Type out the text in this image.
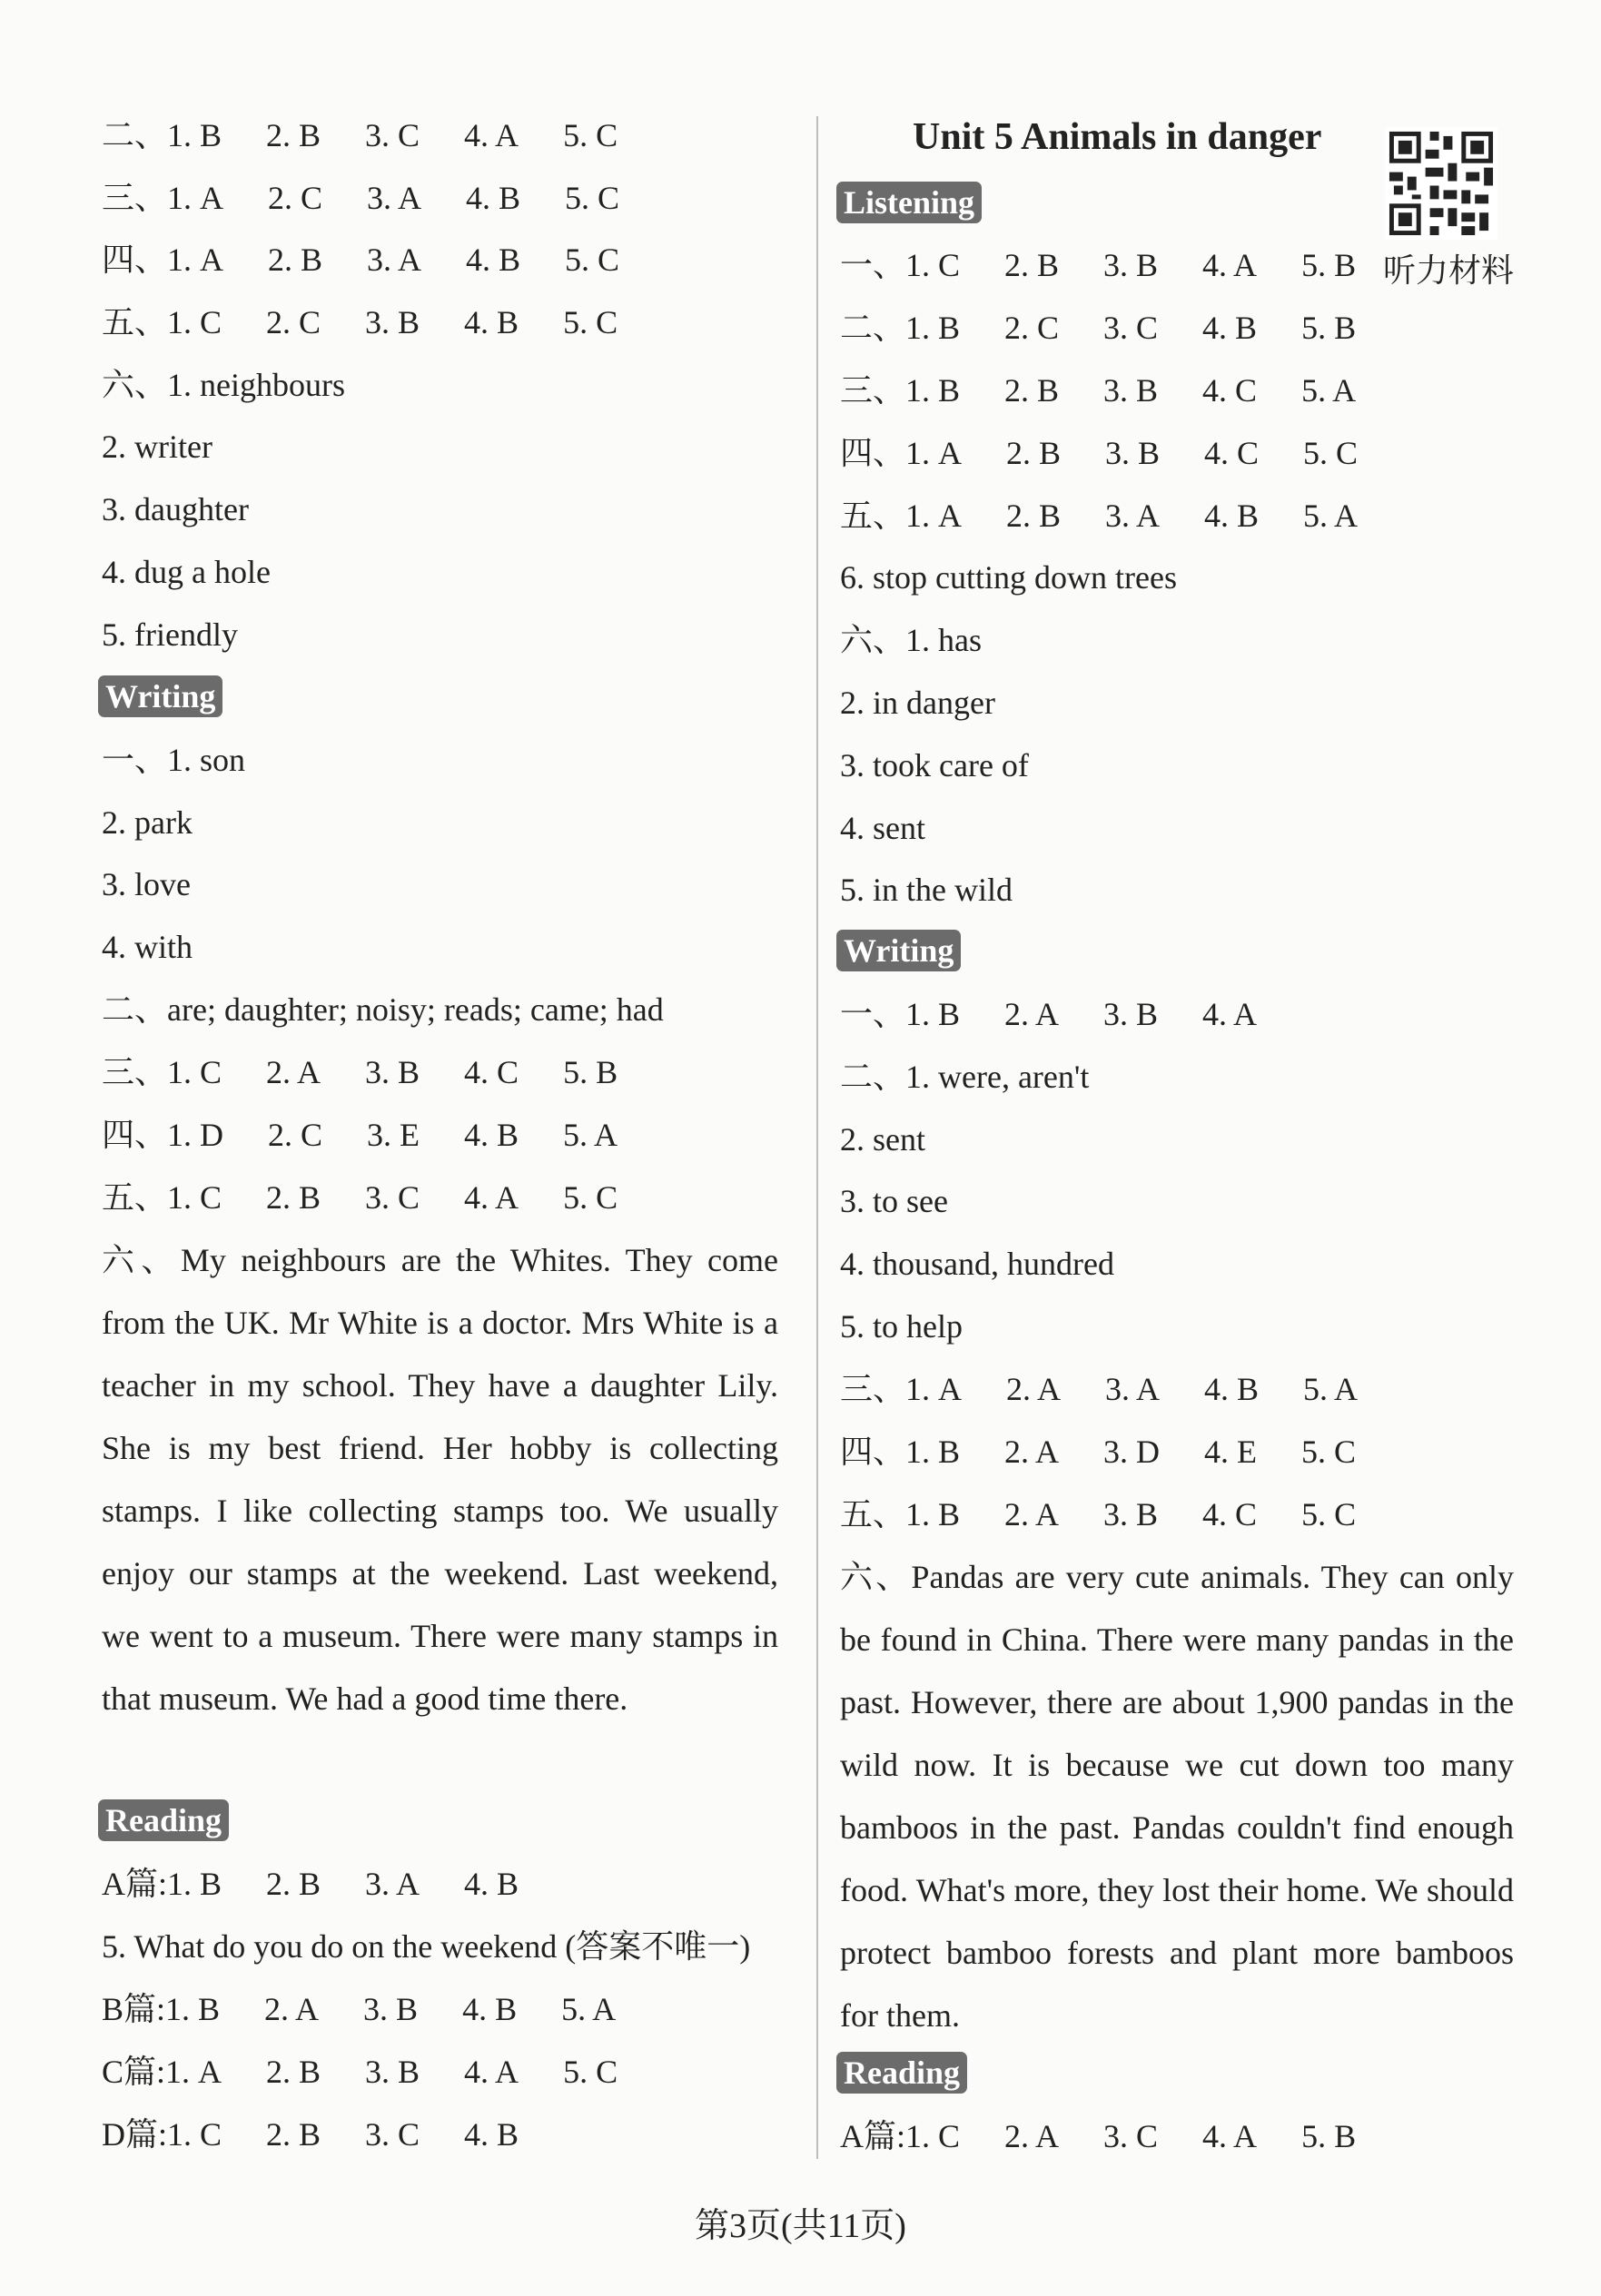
二、1. B 2. B 3. C 4. A 5. C
三、1. A 2. C 3. A 4. B 5. C
四、1. A 2. B 3. A 4. B 5. C
五、1. C 2. C 3. B 4. B 5. C
六、1. neighbours
2. writer
3. daughter
4. dug a hole
5. friendly
Writing
一、1. son
2. park
3. love
4. with
二、are; daughter; noisy; reads; came; had
三、1. C 2. A 3. B 4. C 5. B
四、1. D 2. C 3. E 4. B 5. A
五、1. C 2. B 3. C 4. A 5. C
六、My neighbours are the Whites. They come from the UK. Mr White is a doctor. Mrs White is a teacher in my school. They have a daughter Lily. She is my best friend. Her hobby is collecting stamps. I like collecting stamps too. We usually enjoy our stamps at the weekend. Last weekend, we went to a museum. There were many stamps in that museum. We had a good time there.
Reading
A篇:1. B 2. B 3. A 4. B
5. What do you do on the weekend (答案不唯一)
B篇:1. B 2. A 3. B 4. B 5. A
C篇:1. A 2. B 3. B 4. A 5. C
D篇:1. C 2. B 3. C 4. B
Unit 5 Animals in danger
听力材料
Listening
一、1. C 2. B 3. B 4. A 5. B
二、1. B 2. C 3. C 4. B 5. B
三、1. B 2. B 3. B 4. C 5. A
四、1. A 2. B 3. B 4. C 5. C
五、1. A 2. B 3. A 4. B 5. A
6. stop cutting down trees
六、1. has
2. in danger
3. took care of
4. sent
5. in the wild
Writing
一、1. B 2. A 3. B 4. A
二、1. were, aren't
2. sent
3. to see
4. thousand, hundred
5. to help
三、1. A 2. A 3. A 4. B 5. A
四、1. B 2. A 3. D 4. E 5. C
五、1. B 2. A 3. B 4. C 5. C
六、Pandas are very cute animals. They can only be found in China. There were many pandas in the past. However, there are about 1,900 pandas in the wild now. It is because we cut down too many bamboos in the past. Pandas couldn't find enough food. What's more, they lost their home. We should protect bamboo forests and plant more bamboos for them.
Reading
A篇:1. C 2. A 3. C 4. A 5. B
第3页(共11页)
